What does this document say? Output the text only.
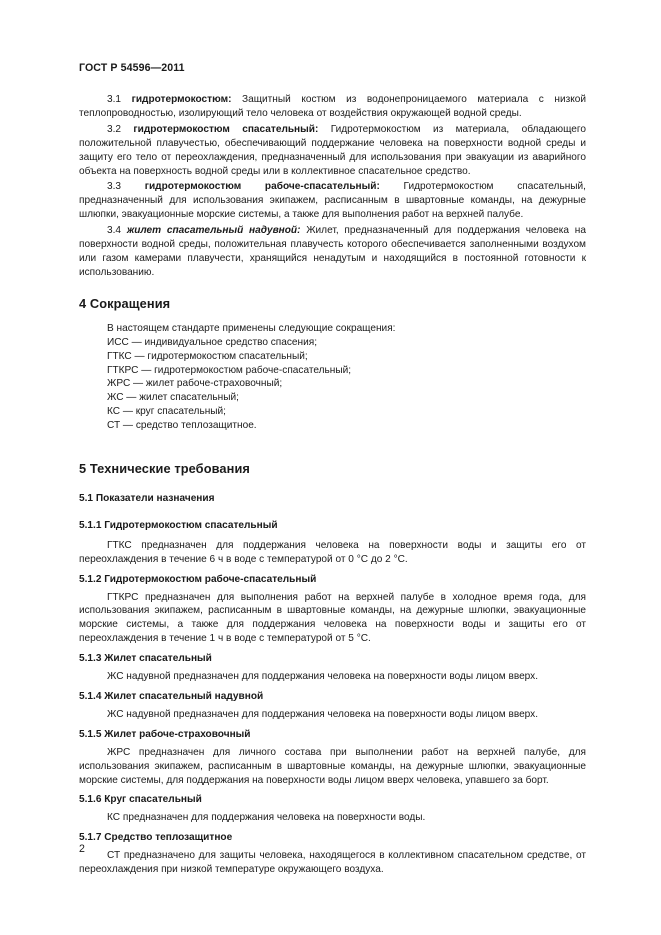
ГОСТ Р 54596—2011

3.1 гидротермокостюм: Защитный костюм из водонепроницаемого материала с низкой теплопроводностью, изолирующий тело человека от воздействия окружающей водной среды.

3.2 гидротермокостюм спасательный: Гидротермокостюм из материала, обладающего положительной плавучестью, обеспечивающий поддержание человека на поверхности водной среды и защиту его тело от переохлаждения, предназначенный для использования при эвакуации из аварийного объекта на поверхность водной среды или в коллективное спасательное средство.

3.3 гидротермокостюм рабоче-спасательный: Гидротермокостюм спасательный, предназначенный для использования экипажем, расписанным в швартовные команды, на дежурные шлюпки, эвакуационные морские системы, а также для выполнения работ на верхней палубе.

3.4 жилет спасательный надувной: Жилет, предназначенный для поддержания человека на поверхности водной среды, положительная плавучесть которого обеспечивается заполненными воздухом или газом камерами плавучести, хранящийся ненадутым и находящийся в постоянной готовности к использованию.

4 Сокращения

В настоящем стандарте применены следующие сокращения:

ИСС — индивидуальное средство спасения;

ГТКС — гидротермокостюм спасательный;

ГТКРС — гидротермокостюм рабоче-спасательный;

ЖРС — жилет рабоче-страховочный;

ЖС — жилет спасательный;

КС — круг спасательный;

СТ — средство теплозащитное.

5 Технические требования

5.1 Показатели назначения

5.1.1 Гидротермокостюм спасательный

ГТКС предназначен для поддержания человека на поверхности воды и защиты его от переохлаждения в течение 6 ч в воде с температурой от 0 °С до 2 °С.

5.1.2 Гидротермокостюм рабоче-спасательный

ГТКРС предназначен для выполнения работ на верхней палубе в холодное время года, для использования экипажем, расписанным в швартовные команды, на дежурные шлюпки, эвакуационные морские системы, а также для поддержания человека на поверхности воды и защиты его от переохлаждения в течение 1 ч в воде с температурой от 5 °С.

5.1.3 Жилет спасательный

ЖС надувной предназначен для поддержания человека на поверхности воды лицом вверх.

5.1.4 Жилет спасательный надувной

ЖС надувной предназначен для поддержания человека на поверхности воды лицом вверх.

5.1.5 Жилет рабоче-страховочный

ЖРС предназначен для личного состава при выполнении работ на верхней палубе, для использования экипажем, расписанным в швартовные команды, на дежурные шлюпки, эвакуационные морские системы, для поддержания на поверхности воды лицом вверх человека, упавшего за борт.

5.1.6 Круг спасательный

КС предназначен для поддержания человека на поверхности воды.

5.1.7 Средство теплозащитное

СТ предназначено для защиты человека, находящегося в коллективном спасательном средстве, от переохлаждения при низкой температуре окружающего воздуха.

2
